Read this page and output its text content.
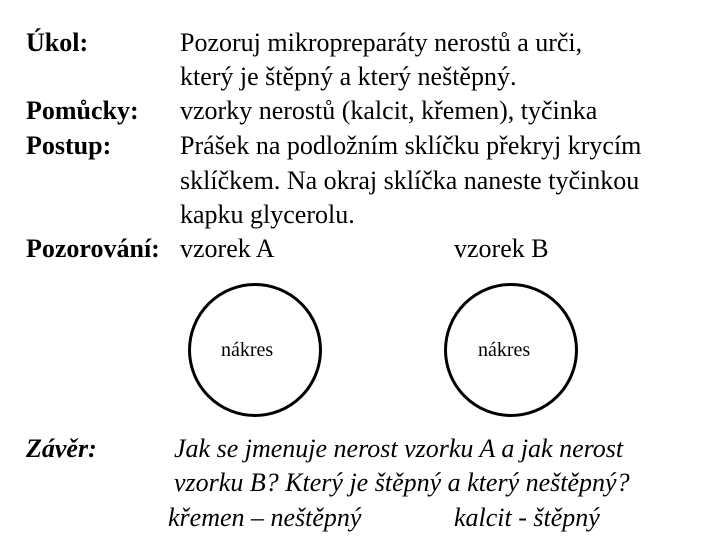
Úkol:	Pozoruj mikropreparáty nerostů a urči,
který je štěpný a který neštěpný.
Pomůcky: vzorky nerostů (kalcit, křemen), tyčinka
Postup:	Prášek na podložním sklíčku překryj krycím
sklíčkem. Na okraj sklíčka naneste tyčinkou
kapku glycerolu.
Pozorování: vzorek A	vzorek B
nákres	nákres
Závěr:	Jak se jmenuje nerost vzorku A a jak nerost
vzorku B? Který je štěpný a který neštěpný?
křemen – neštěpný	kalcit - štěpný
